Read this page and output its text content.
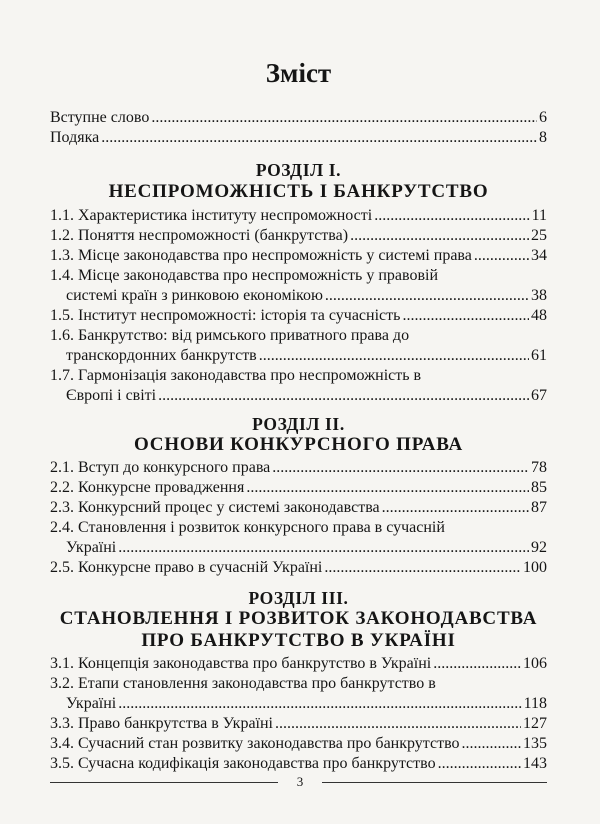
Зміст
Вступне слово . . .	6
Подяка . . .	8
РОЗДІЛ І.
НЕСПРОМОЖНІСТЬ І БАНКРУТСТВО
1.1. Характеристика інституту неспроможності . . .	11
1.2. Поняття неспроможності (банкрутства) . . .	25
1.3. Місце законодавства про неспроможність у системі права . . .	34
1.4. Місце законодавства про неспроможність у правовій
системі країн з ринковою економікою . . .	38
1.5. Інститут неспроможності: історія та сучасність . . .	48
1.6. Банкрутство: від римського приватного права до
транскордонних банкрутств . . .	61
1.7. Гармонізація законодавства про неспроможність в
Європі і світі . . .	67
РОЗДІЛ ІІ.
ОСНОВИ КОНКУРСНОГО ПРАВА
2.1. Вступ до конкурсного права . . .	78
2.2. Конкурсне провадження . . .	85
2.3. Конкурсний процес у системі законодавства . . .	87
2.4. Становлення і розвиток конкурсного права в сучасній
Україні . . .	92
2.5. Конкурсне право в сучасній Україні . . .	100
РОЗДІЛ ІІІ.
СТАНОВЛЕННЯ І РОЗВИТОК ЗАКОНОДАВСТВА
ПРО БАНКРУТСТВО В УКРАЇНІ
3.1. Концепція законодавства про банкрутство в Україні . . .	106
3.2. Етапи становлення законодавства про банкрутство в
Україні . . .	118
3.3. Право банкрутства в Україні . . .	127
3.4. Сучасний стан розвитку законодавства про банкрутство . . .	135
3.5. Сучасна кодифікація законодавства про банкрутство . . .	143
3
